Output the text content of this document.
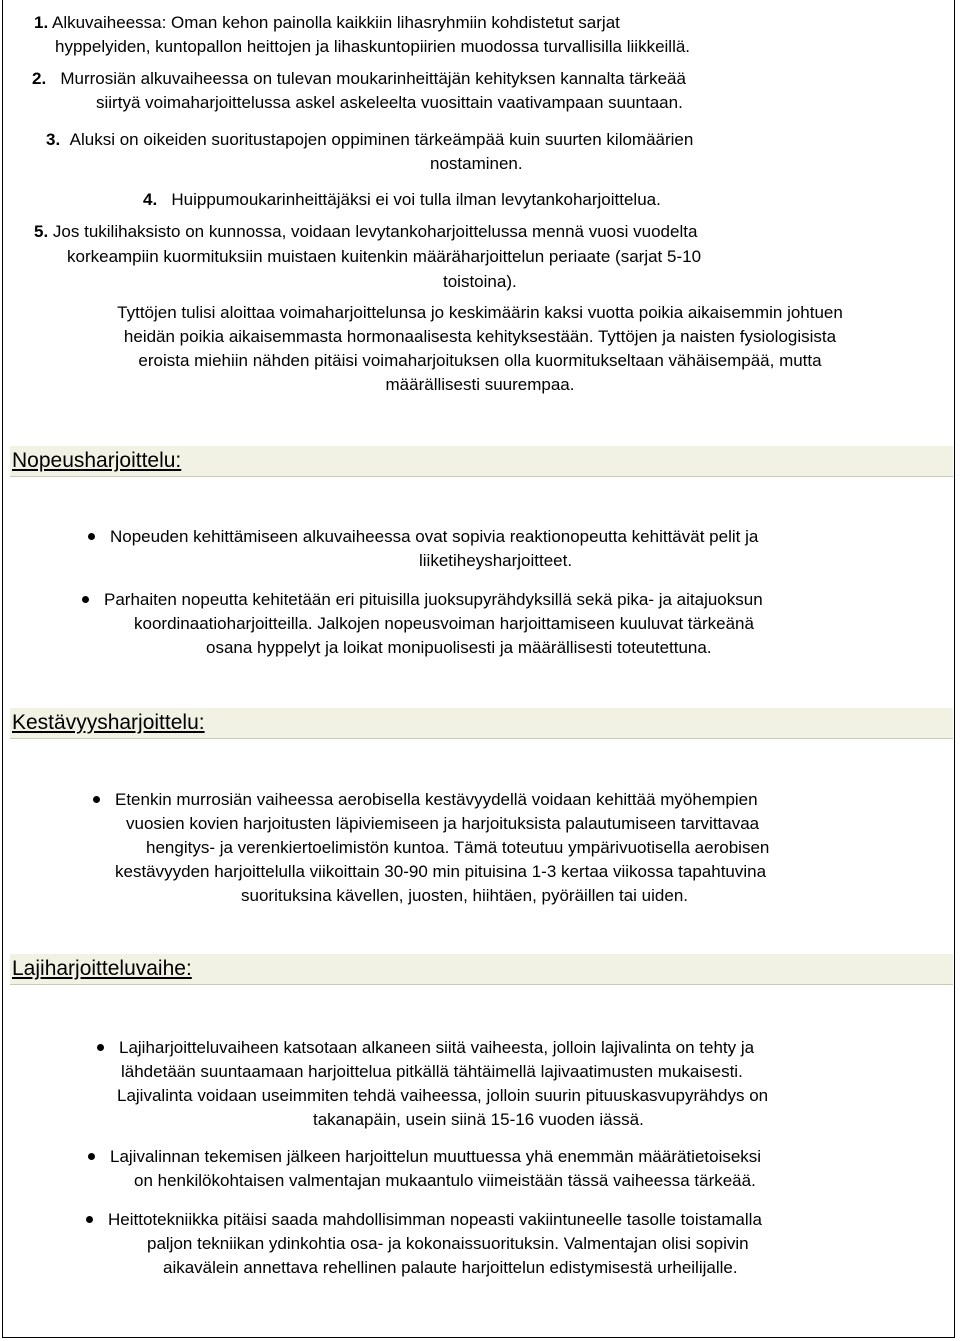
1. Alkuvaiheessa: Oman kehon painolla kaikkiin lihasryhmiin kohdistetut sarjat
hyppelyiden, kuntopallon heittojen ja lihaskuntopiirien muodossa turvallisilla liikkeillä.
2. Murrosiän alkuvaiheessa on tulevan moukarinheittäjän kehityksen kannalta tärkeää
siirtyä voimaharjoittelussa askel askeleelta vuosittain vaativampaan suuntaan.
3. Aluksi on oikeiden suoritustapojen oppiminen tärkeämpää kuin suurten kilomäärien
nostaminen.
4. Huippumoukarinheittäjäksi ei voi tulla ilman levytankoharjoittelua.
5. Jos tukilihaksisto on kunnossa, voidaan levytankoharjoittelussa mennä vuosi vuodelta
korkeampiin kuormituksiin muistaen kuitenkin määräharjoittelun periaate (sarjat 5-10
toistoina).
Tyttöjen tulisi aloittaa voimaharjoittelunsa jo keskimäärin kaksi vuotta poikia aikaisemmin johtuen
heidän poikia aikaisemmasta hormonaalisesta kehityksestään. Tyttöjen ja naisten fysiologisista
eroista miehiin nähden pitäisi voimaharjoituksen olla kuormitukseltaan vähäisempää, mutta
määrällisesti suurempaa.
Nopeusharjoittelu:
Nopeuden kehittämiseen alkuvaiheessa ovat sopivia reaktionopeutta kehittävät pelit ja
liiketiheysharjoitteet.
Parhaiten nopeutta kehitetään eri pituisilla juoksupyrähdyksillä sekä pika- ja aitajuoksun
koordinaatioharjoitteilla. Jalkojen nopeusvoiman harjoittamiseen kuuluvat tärkeänä
osana hyppelyt ja loikat monipuolisesti ja määrällisesti toteutettuna.
Kestävyysharjoittelu:
Etenkin murrosiän vaiheessa aerobisella kestävyydellä voidaan kehittää myöhempien
vuosien kovien harjoitusten läpiviemiseen ja harjoituksista palautumiseen tarvittavaa
hengitys- ja verenkiertoelimistön kuntoa. Tämä toteutuu ympärivuotisella aerobisen
kestävyyden harjoittelulla viikoittain 30-90 min pituisina 1-3 kertaa viikossa tapahtuvina
suorituksina kävellen, juosten, hiihtäen, pyöräillen tai uiden.
Lajiharjoitteluvaihe:
Lajiharjoitteluvaiheen katsotaan alkaneen siitä vaiheesta, jolloin lajivalinta on tehty ja
lähdetään suuntaamaan harjoittelua pitkällä tähtäimellä lajivaatimusten mukaisesti.
Lajivalinta voidaan useimmiten tehdä vaiheessa, jolloin suurin pituuskasvupyrähdys on
takanapäin, usein siinä 15-16 vuoden iässä.
Lajivalinnan tekemisen jälkeen harjoittelun muuttuessa yhä enemmän määrätietoiseksi
on henkilökohtaisen valmentajan mukaantulo viimeistään tässä vaiheessa tärkeää.
Heittotekniikka pitäisi saada mahdollisimman nopeasti vakiintuneelle tasolle toistamalla
paljon tekniikan ydinkohtia osa- ja kokonaissuorituksin. Valmentajan olisi sopivin
aikavälein annettava rehellinen palaute harjoittelun edistymisestä urheilijalle.
